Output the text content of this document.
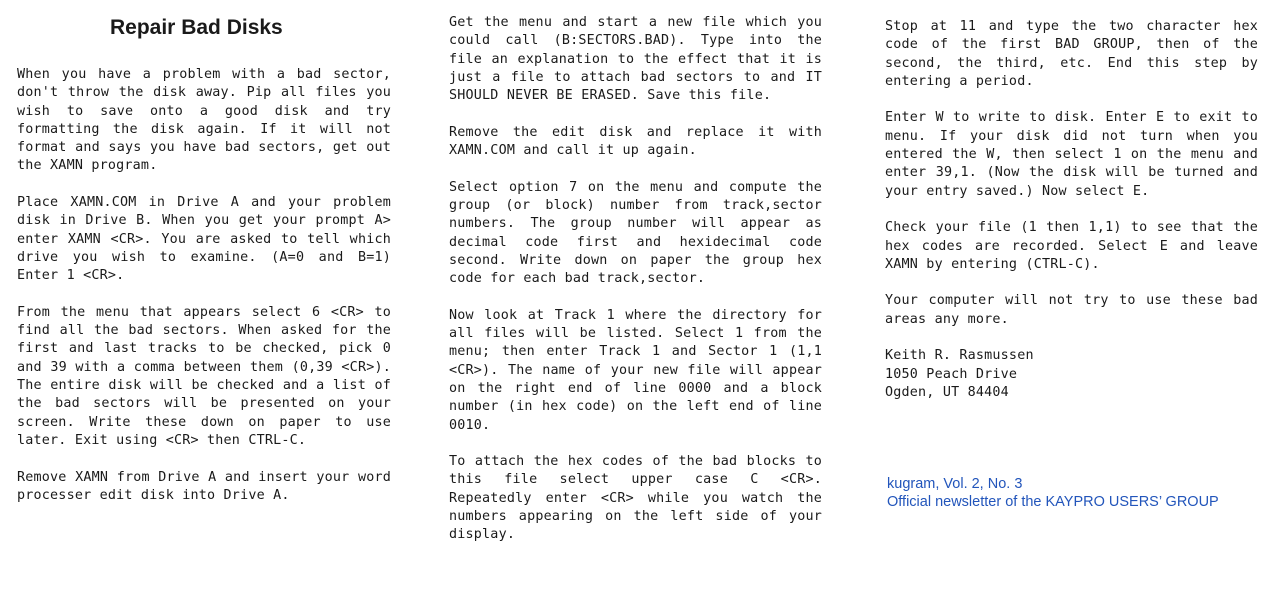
Repair Bad Disks

When you have a problem with a bad sector, don't throw the disk away. Pip all files you wish to save onto a good disk and try formatting the disk again. If it will not format and says you have bad sectors, get out the XAMN program.

Place XAMN.COM in Drive A and your problem disk in Drive B. When you get your prompt A> enter XAMN <CR>. You are asked to tell which drive you wish to examine. (A=0 and B=1) Enter 1 <CR>.

From the menu that appears select 6 <CR> to find all the bad sectors. When asked for the first and last tracks to be checked, pick 0 and 39 with a comma between them (0,39 <CR>). The entire disk will be checked and a list of the bad sectors will be presented on your screen. Write these down on paper to use later. Exit using <CR> then CTRL-C.

Remove XAMN from Drive A and insert your word processer edit disk into Drive A.

Get the menu and start a new file which you could call (B:SECTORS.BAD). Type into the file an explanation to the effect that it is just a file to attach bad sectors to and IT SHOULD NEVER BE ERASED. Save this file.

Remove the edit disk and replace it with XAMN.COM and call it up again.

Select option 7 on the menu and compute the group (or block) number from track,sector numbers. The group number will appear as decimal code first and hexidecimal code second. Write down on paper the group hex code for each bad track,sector.

Now look at Track 1 where the directory for all files will be listed. Select 1 from the menu; then enter Track 1 and Sector 1 (1,1 <CR>). The name of your new file will appear on the right end of line 0000 and a block number (in hex code) on the left end of line 0010.

To attach the hex codes of the bad blocks to this file select upper case C <CR>. Repeatedly enter <CR> while you watch the numbers appearing on the left side of your display.

Stop at 11 and type the two character hex code of the first BAD GROUP, then of the second, the third, etc. End this step by entering a period.

Enter W to write to disk. Enter E to exit to menu. If your disk did not turn when you entered the W, then select 1 on the menu and enter 39,1. (Now the disk will be turned and your entry saved.) Now select E.

Check your file (1 then 1,1) to see that the hex codes are recorded. Select E and leave XAMN by entering (CTRL-C).

Your computer will not try to use these bad areas any more.

Keith R. Rasmussen
1050 Peach Drive
Ogden, UT 84404
kugram, Vol. 2, No. 3
Official newsletter of the KAYPRO USERS’ GROUP
